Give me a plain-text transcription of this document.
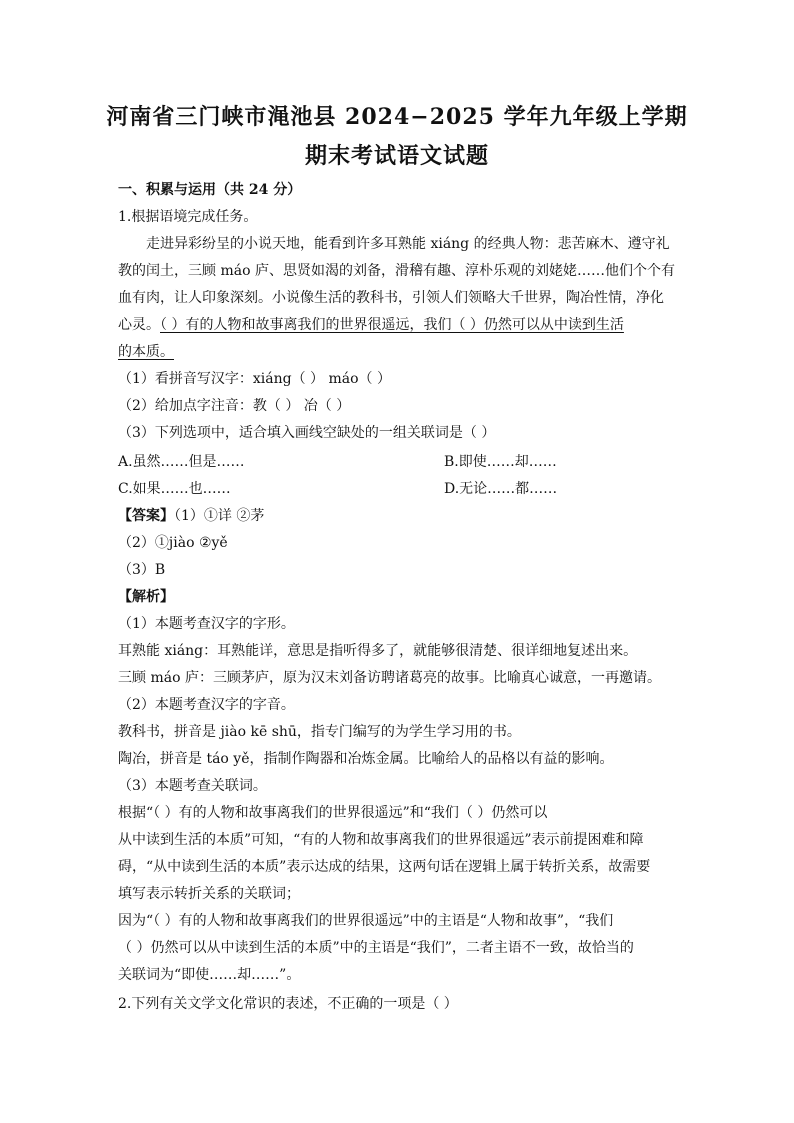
河南省三门峡市渑池县 2024−2025 学年九年级上学期
期末考试语文试题
一、积累与运用（共 24 分）
1.根据语境完成任务。
走进异彩纷呈的小说天地，能看到许多耳熟能 xiáng 的经典人物：悲苦麻木、遵守礼
教的闰土，三顾 máo 庐、思贤如渴的刘备，滑稽有趣、淳朴乐观的刘姥姥……他们个个有
血有肉，让人印象深刻。小说像生活的教科书，引领人们领略大千世界，陶冶性情，净化
心灵。（ ）有的人物和故事离我们的世界很遥远，我们（ ）仍然可以从中读到生活
的本质。
（1）看拼音写汉字：xiáng（ ） máo（ ）
（2）给加点字注音：教（ ） 冶（ ）
（3）下列选项中，适合填入画线空缺处的一组关联词是（ ）
A.虽然……但是……	B.即使……却……
C.如果……也……	D.无论……都……
【答案】（1）①详 ②茅
（2）①jiào ②yě
（3）B
【解析】
（1）本题考查汉字的字形。
耳熟能 xiáng：耳熟能详，意思是指听得多了，就能够很清楚、很详细地复述出来。
三顾 máo 庐：三顾茅庐，原为汉末刘备访聘诸葛亮的故事。比喻真心诚意，一再邀请。
（2）本题考查汉字的字音。
教科书，拼音是 jiào kē shū，指专门编写的为学生学习用的书。
陶冶，拼音是 táo yě，指制作陶器和冶炼金属。比喻给人的品格以有益的影响。
（3）本题考查关联词。
根据“（ ）有的人物和故事离我们的世界很遥远”和“我们（ ）仍然可以
从中读到生活的本质”可知，“有的人物和故事离我们的世界很遥远”表示前提困难和障
碍，“从中读到生活的本质”表示达成的结果，这两句话在逻辑上属于转折关系，故需要
填写表示转折关系的关联词；
因为“（ ）有的人物和故事离我们的世界很遥远”中的主语是“人物和故事”，“我们
（ ）仍然可以从中读到生活的本质”中的主语是“我们”，二者主语不一致，故恰当的
关联词为“即使……却……”。
2.下列有关文学文化常识的表述，不正确的一项是（ ）
